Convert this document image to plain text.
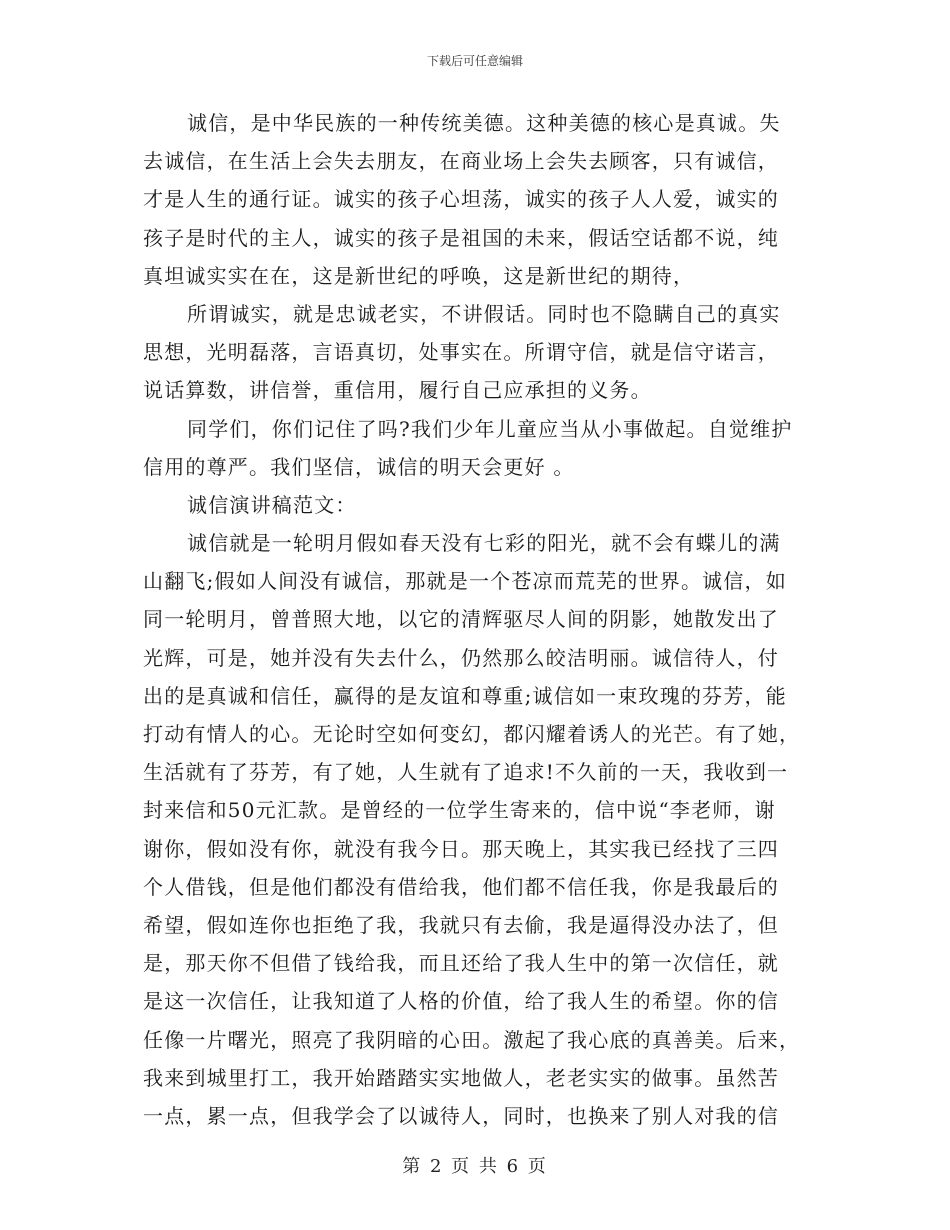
下载后可任意编辑
诚信，是中华民族的一种传统美德。这种美德的核心是真诚。失
去诚信，在生活上会失去朋友，在商业场上会失去顾客，只有诚信，
才是人生的通行证。诚实的孩子心坦荡，诚实的孩子人人爱，诚实的
孩子是时代的主人，诚实的孩子是祖国的未来，假话空话都不说，纯
真坦诚实实在在，这是新世纪的呼唤，这是新世纪的期待，
所谓诚实，就是忠诚老实，不讲假话。同时也不隐瞒自己的真实
思想，光明磊落，言语真切，处事实在。所谓守信，就是信守诺言，
说话算数，讲信誉，重信用，履行自己应承担的义务。
同学们，你们记住了吗?我们少年儿童应当从小事做起。自觉维护
信用的尊严。我们坚信，诚信的明天会更好 。
诚信演讲稿范文：
诚信就是一轮明月假如春天没有七彩的阳光，就不会有蝶儿的满
山翻飞;假如人间没有诚信，那就是一个苍凉而荒芜的世界。诚信，如
同一轮明月，曾普照大地，以它的清辉驱尽人间的阴影，她散发出了
光辉，可是，她并没有失去什么，仍然那么皎洁明丽。诚信待人，付
出的是真诚和信任，赢得的是友谊和尊重;诚信如一束玫瑰的芬芳，能
打动有情人的心。无论时空如何变幻，都闪耀着诱人的光芒。有了她，
生活就有了芬芳，有了她，人生就有了追求!不久前的一天，我收到一
封来信和50元汇款。是曾经的一位学生寄来的，信中说“李老师，谢
谢你，假如没有你，就没有我今日。那天晚上，其实我已经找了三四
个人借钱，但是他们都没有借给我，他们都不信任我，你是我最后的
希望，假如连你也拒绝了我，我就只有去偷，我是逼得没办法了，但
是，那天你不但借了钱给我，而且还给了我人生中的第一次信任，就
是这一次信任，让我知道了人格的价值，给了我人生的希望。你的信
任像一片曙光，照亮了我阴暗的心田。激起了我心底的真善美。后来，
我来到城里打工，我开始踏踏实实地做人，老老实实的做事。虽然苦
一点，累一点，但我学会了以诚待人，同时，也换来了别人对我的信
第 2 页 共 6 页
